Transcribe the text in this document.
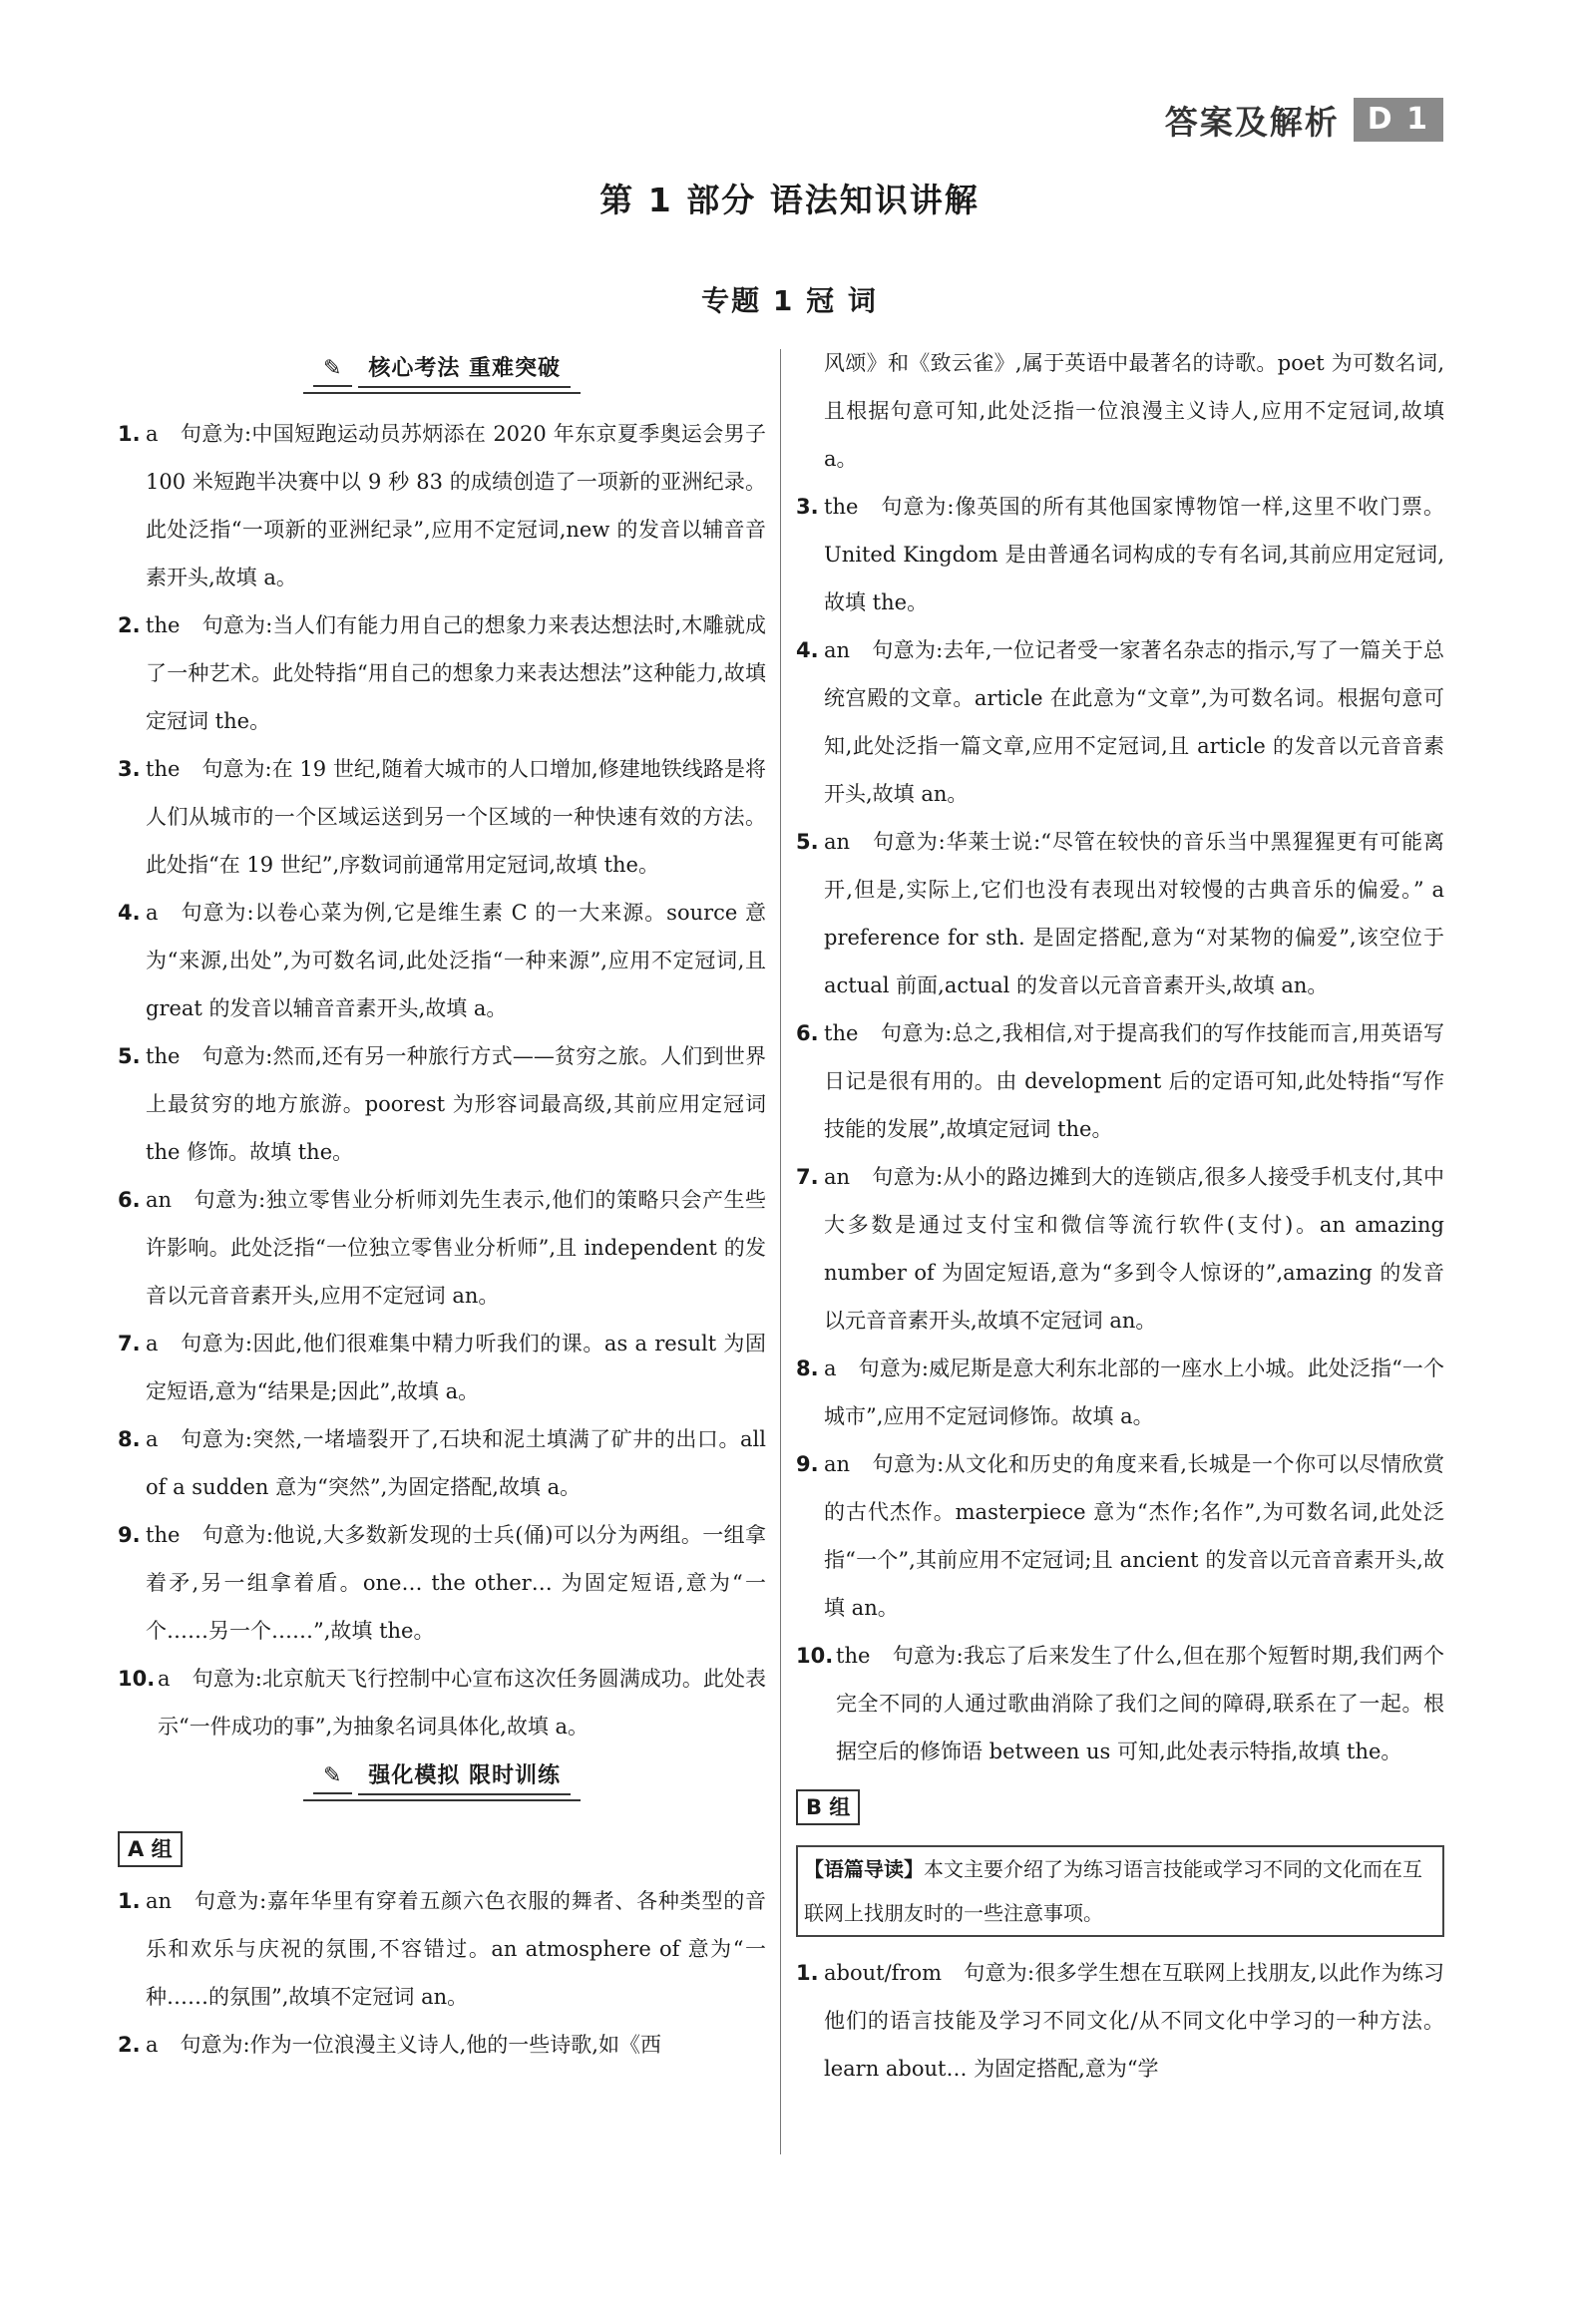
答案及解析 D 1
第 1 部分 语法知识讲解
专题 1 冠 词
✎ 核心考法 重难突破

1. a 句意为:中国短跑运动员苏炳添在 2020 年东京夏季奥运会男子 100 米短跑半决赛中以 9 秒 83 的成绩创造了一项新的亚洲纪录。此处泛指“一项新的亚洲纪录”,应用不定冠词,new 的发音以辅音音素开头,故填 a。

2. the 句意为:当人们有能力用自己的想象力来表达想法时,木雕就成了一种艺术。此处特指“用自己的想象力来表达想法”这种能力,故填定冠词 the。

3. the 句意为:在 19 世纪,随着大城市的人口增加,修建地铁线路是将人们从城市的一个区域运送到另一个区域的一种快速有效的方法。此处指“在 19 世纪”,序数词前通常用定冠词,故填 the。

4. a 句意为:以卷心菜为例,它是维生素 C 的一大来源。source 意为“来源,出处”,为可数名词,此处泛指“一种来源”,应用不定冠词,且 great 的发音以辅音音素开头,故填 a。

5. the 句意为:然而,还有另一种旅行方式——贫穷之旅。人们到世界上最贫穷的地方旅游。poorest 为形容词最高级,其前应用定冠词 the 修饰。故填 the。

6. an 句意为:独立零售业分析师刘先生表示,他们的策略只会产生些许影响。此处泛指“一位独立零售业分析师”,且 independent 的发音以元音音素开头,应用不定冠词 an。

7. a 句意为:因此,他们很难集中精力听我们的课。as a result 为固定短语,意为“结果是;因此”,故填 a。

8. a 句意为:突然,一堵墙裂开了,石块和泥土填满了矿井的出口。all of a sudden 意为“突然”,为固定搭配,故填 a。

9. the 句意为:他说,大多数新发现的士兵(俑)可以分为两组。一组拿着矛,另一组拿着盾。one… the other… 为固定短语,意为“一个……另一个……”,故填 the。

10. a 句意为:北京航天飞行控制中心宣布这次任务圆满成功。此处表示“一件成功的事”,为抽象名词具体化,故填 a。

✎ 强化模拟 限时训练
A 组

1. an 句意为:嘉年华里有穿着五颜六色衣服的舞者、各种类型的音乐和欢乐与庆祝的氛围,不容错过。an atmosphere of 意为“一种……的氛围”,故填不定冠词 an。

2. a 句意为:作为一位浪漫主义诗人,他的一些诗歌,如《西

风颂》和《致云雀》,属于英语中最著名的诗歌。poet 为可数名词,且根据句意可知,此处泛指一位浪漫主义诗人,应用不定冠词,故填 a。

3. the 句意为:像英国的所有其他国家博物馆一样,这里不收门票。United Kingdom 是由普通名词构成的专有名词,其前应用定冠词,故填 the。

4. an 句意为:去年,一位记者受一家著名杂志的指示,写了一篇关于总统宫殿的文章。article 在此意为“文章”,为可数名词。根据句意可知,此处泛指一篇文章,应用不定冠词,且 article 的发音以元音音素开头,故填 an。

5. an 句意为:华莱士说:“尽管在较快的音乐当中黑猩猩更有可能离开,但是,实际上,它们也没有表现出对较慢的古典音乐的偏爱。” a preference for sth. 是固定搭配,意为“对某物的偏爱”,该空位于 actual 前面,actual 的发音以元音音素开头,故填 an。

6. the 句意为:总之,我相信,对于提高我们的写作技能而言,用英语写日记是很有用的。由 development 后的定语可知,此处特指“写作技能的发展”,故填定冠词 the。

7. an 句意为:从小的路边摊到大的连锁店,很多人接受手机支付,其中大多数是通过支付宝和微信等流行软件(支付)。an amazing number of 为固定短语,意为“多到令人惊讶的”,amazing 的发音以元音音素开头,故填不定冠词 an。

8. a 句意为:威尼斯是意大利东北部的一座水上小城。此处泛指“一个城市”,应用不定冠词修饰。故填 a。

9. an 句意为:从文化和历史的角度来看,长城是一个你可以尽情欣赏的古代杰作。masterpiece 意为“杰作;名作”,为可数名词,此处泛指“一个”,其前应用不定冠词;且 ancient 的发音以元音音素开头,故填 an。

10. the 句意为:我忘了后来发生了什么,但在那个短暂时期,我们两个完全不同的人通过歌曲消除了我们之间的障碍,联系在了一起。根据空后的修饰语 between us 可知,此处表示特指,故填 the。

B 组
【语篇导读】本文主要介绍了为练习语言技能或学习不同的文化而在互联网上找朋友时的一些注意事项。

1. about/from 句意为:很多学生想在互联网上找朋友,以此作为练习他们的语言技能及学习不同文化/从不同文化中学习的一种方法。learn about… 为固定搭配,意为“学
